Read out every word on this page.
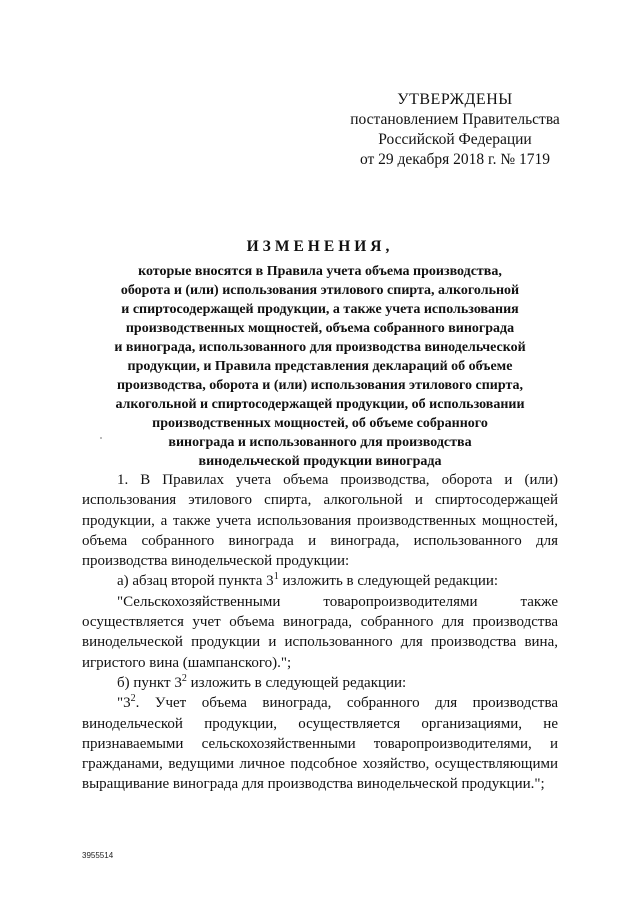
УТВЕРЖДЕНЫ
постановлением Правительства
Российской Федерации
от 29 декабря 2018 г. № 1719
ИЗМЕНЕНИЯ,
которые вносятся в Правила учета объема производства,
оборота и (или) использования этилового спирта, алкогольной
и спиртосодержащей продукции, а также учета использования
производственных мощностей, объема собранного винограда
и винограда, использованного для производства винодельческой
продукции, и Правила представления деклараций об объеме
производства, оборота и (или) использования этилового спирта,
алкогольной и спиртосодержащей продукции, об использовании
производственных мощностей, об объеме собранного
винограда и использованного для производства
винодельческой продукции винограда

1. В Правилах учета объема производства, оборота и (или) использования этилового спирта, алкогольной и спиртосодержащей продукции, а также учета использования производственных мощностей, объема собранного винограда и винограда, использованного для производства винодельческой продукции:

а) абзац второй пункта $3^1$ изложить в следующей редакции:

"Сельскохозяйственными товаропроизводителями также осуществляется учет объема винограда, собранного для производства винодельческой продукции и использованного для производства вина, игристого вина (шампанского).";

б) пункт $3^2$ изложить в следующей редакции:

"$3^2$. Учет объема винограда, собранного для производства винодельческой продукции, осуществляется организациями, не признаваемыми сельскохозяйственными товаропроизводителями, и гражданами, ведущими личное подсобное хозяйство, осуществляющими выращивание винограда для производства винодельческой продукции.";

3955514
